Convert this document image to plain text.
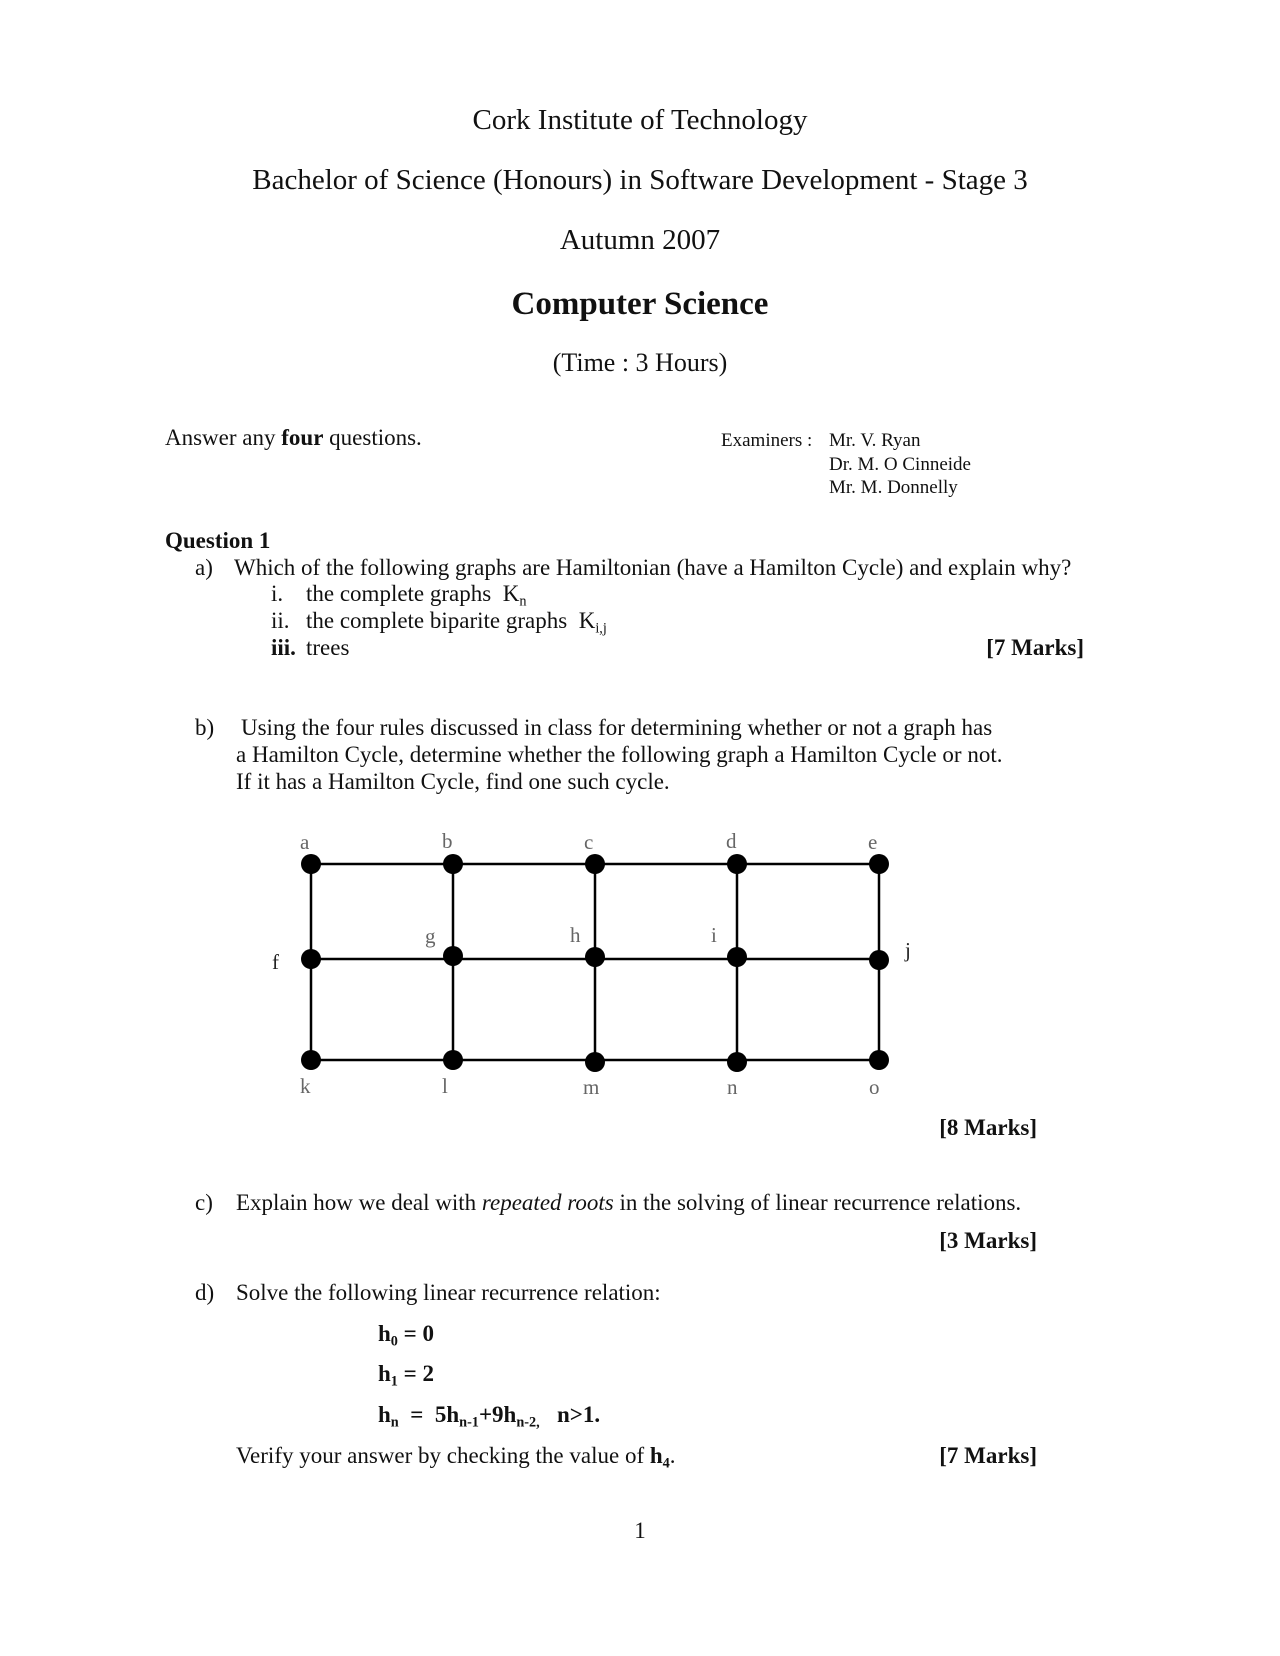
Cork Institute of Technology
Bachelor of Science (Honours) in Software Development - Stage 3
Autumn 2007
Computer Science
(Time : 3 Hours)
Answer any four questions.	Examiners : Mr. V. Ryan
Dr. M. O Cinneide
Mr. M. Donnelly
Question 1
a) Which of the following graphs are Hamiltonian (have a Hamilton Cycle) and explain why?
i. the complete graphs $K_n$
ii. the complete biparite graphs $K_{i,j}$
iii. trees	[7 Marks]
b) Using the four rules discussed in class for determining whether or not a graph has
a Hamilton Cycle, determine whether the following graph a Hamilton Cycle or not.
If it has a Hamilton Cycle, find one such cycle.
a	b	c	d	e
f
g	h	i
j
k	l	m	n	o
[8 Marks]
c) Explain how we deal with repeated roots in the solving of linear recurrence relations.
[3 Marks]
d) Solve the following linear recurrence relation:
$h_0 = 0$
$h_1 = 2$
$h_n = 5h_{n-1}+9h_{n-2,}$ n>1.
Verify your answer by checking the value of $h_4$.	[7 Marks]
1
